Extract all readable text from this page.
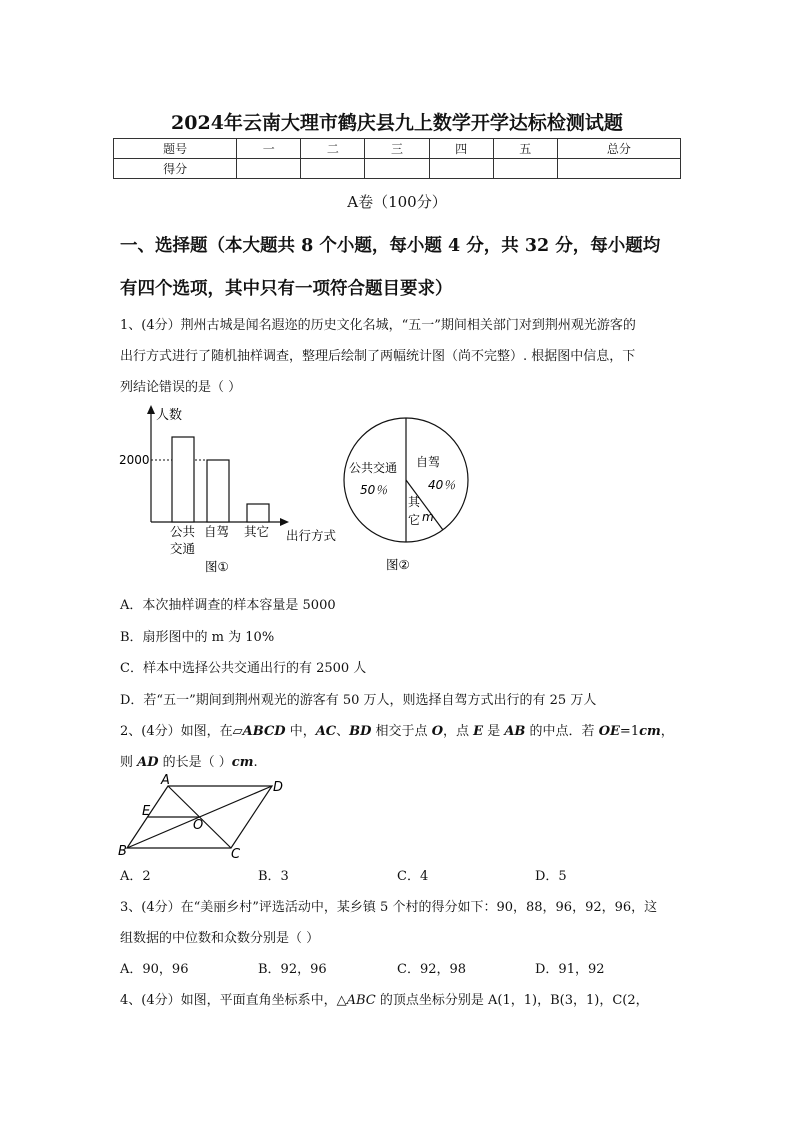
2024年云南大理市鹤庆县九上数学开学达标检测试题
题号	一	二	三	四	五	总分
得分						
A卷（100分）
一、选择题（本大题共 8 个小题，每小题 4 分，共 32 分，每小题均
有四个选项，其中只有一项符合题目要求）
1、(4分）荆州古城是闻名遐迩的历史文化名城，“五一”期间相关部门对到荆州观光游客的
出行方式进行了随机抽样调查，整理后绘制了两幅统计图（尚不完整）. 根据图中信息，下
列结论错误的是（ ）
人数
2000
公共
交通
自驾 其它 出行方式
图①
公共交通
50％
自驾
40％
其
它 m
图②
A．本次抽样调查的样本容量是 5000
B．扇形图中的 m 为 10%
C．样本中选择公共交通出行的有 2500 人
D．若“五一”期间到荆州观光的游客有 50 万人，则选择自驾方式出行的有 25 万人
2、(4分）如图，在▱ABCD 中，AC、BD 相交于点 O，点 E 是 AB 的中点．若 OE=1cm，
则 AD 的长是（ ）cm.
A	D
E
O
B	C
A．2	B．3	C．4	D．5
3、(4分）在“美丽乡村”评选活动中，某乡镇 5 个村的得分如下：90，88，96，92，96，这
组数据的中位数和众数分别是（ ）
A．90，96	B．92，96	C．92，98	D．91，92
4、(4分）如图，平面直角坐标系中，△ABC 的顶点坐标分别是 A(1，1)，B(3，1)，C(2，
